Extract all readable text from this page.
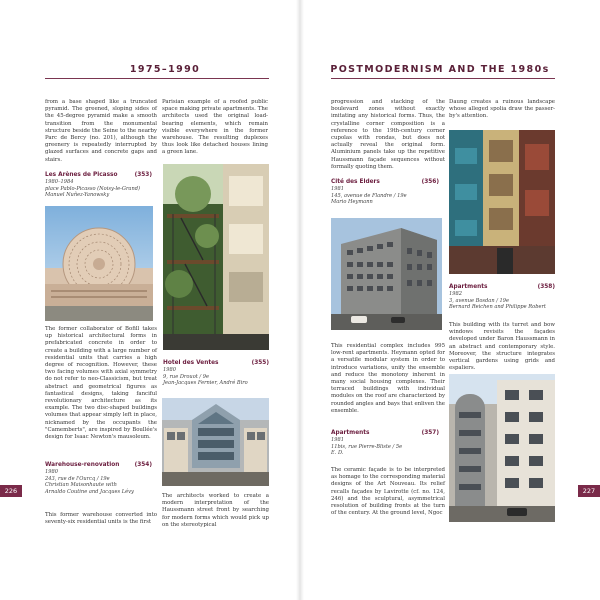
1975–1990

from a base shaped like a truncated pyramid. The greened, sloping sides of the 45-degree pyramid make a smooth transition from the monumental structure beside the Seine to the nearby Parc de Bercy (no. 201), although the greenery is repeatedly interrupted by glazed surfaces and concrete gaps and stairs.

Parisian example of a roofed public space making private apartments. The architects used the original load-bearing elements, which remain visible everywhere in the former warehouse. The resulting duplexes thus look like detached houses lining a green lane.

Les Arènes de Picasso	(353)
1980–1984
place Pablo-Picasso (Noisy-le-Grand)
Manuel Nuñez-Yanowsky

The former collaborator of Bofill takes up historical architectural forms in prefabricated concrete in order to create a building with a large number of residential units that carries a high degree of recognition. However, these two facing volumes with axial symmetry do not refer to neo-Classicism, but treat abstract and geometrical figures as fantastical designs, taking fanciful revolutionary architecture as its example. The two disc-shaped buildings volumes that appear simply left in place, nicknamed by the occupants the "Camemberts", are inspired by Boullée's design for Isaac Newton's mausoleum.

Warehouse-renovation	(354)
1980
243, rue de l'Ourcq / 19e
Christian Maisonhaute with
Arnaldo Coutine and Jacques Lévy

This former warehouse converted into seventy-six residential units is the first

Hotel des Ventes	(355)
1980
9, rue Drouot / 9e
Jean-Jacques Fernier, André Biro

The architects worked to create a modern interpretation of the Haussmann street front by searching for modern forms which would pick up on the stereotypical

226
POSTMODERNISM AND THE 1980s

progression and stacking of the boulevard zones without exactly imitating any historical forms. Thus, the crystalline corner composition is a reference to the 19th-century corner cupolas with rondas, but does not actually reveal the original form. Aluminium panels take up the repetitive Haussmann façade sequences without formally quoting them.

Daung creates a ruinous landscape whose alleged spolia draw the passer-by's attention.

Cité des Elders	(356)
1981
145, avenue de Flandre / 19e
Mario Heymann

This residential complex includes 995 low-rent apartments. Heymann opted for a versatile modular system in order to introduce variations, unify the ensemble and reduce the monotony inherent in many social housing complexes. Their terraced buildings with individual modules on the roof are characterized by rounded angles and bays that enliven the ensemble.

Apartments	(357)
1981
11bis, rue Pierre-Bliste / 5e
E. D.

The ceramic façade is to be interpreted as homage to the corresponding material designs of the Art Nouveau. Its relief recalls façades by Lavirotte (cf. no. 124, 246) and the sculptural, asymmetrical resolution of building fronts at the turn of the century. At the ground level, Ngoc

Apartments	(358)
1982
3, avenue Bosdan / 19e
Bernard Reichen and Philippe Robert

This building with its turret and bow windows revisits the façades developed under Baron Haussmann in an abstract and contemporary style. Moreover, the structure integrates vertical gardens using grids and espaliers.

227
